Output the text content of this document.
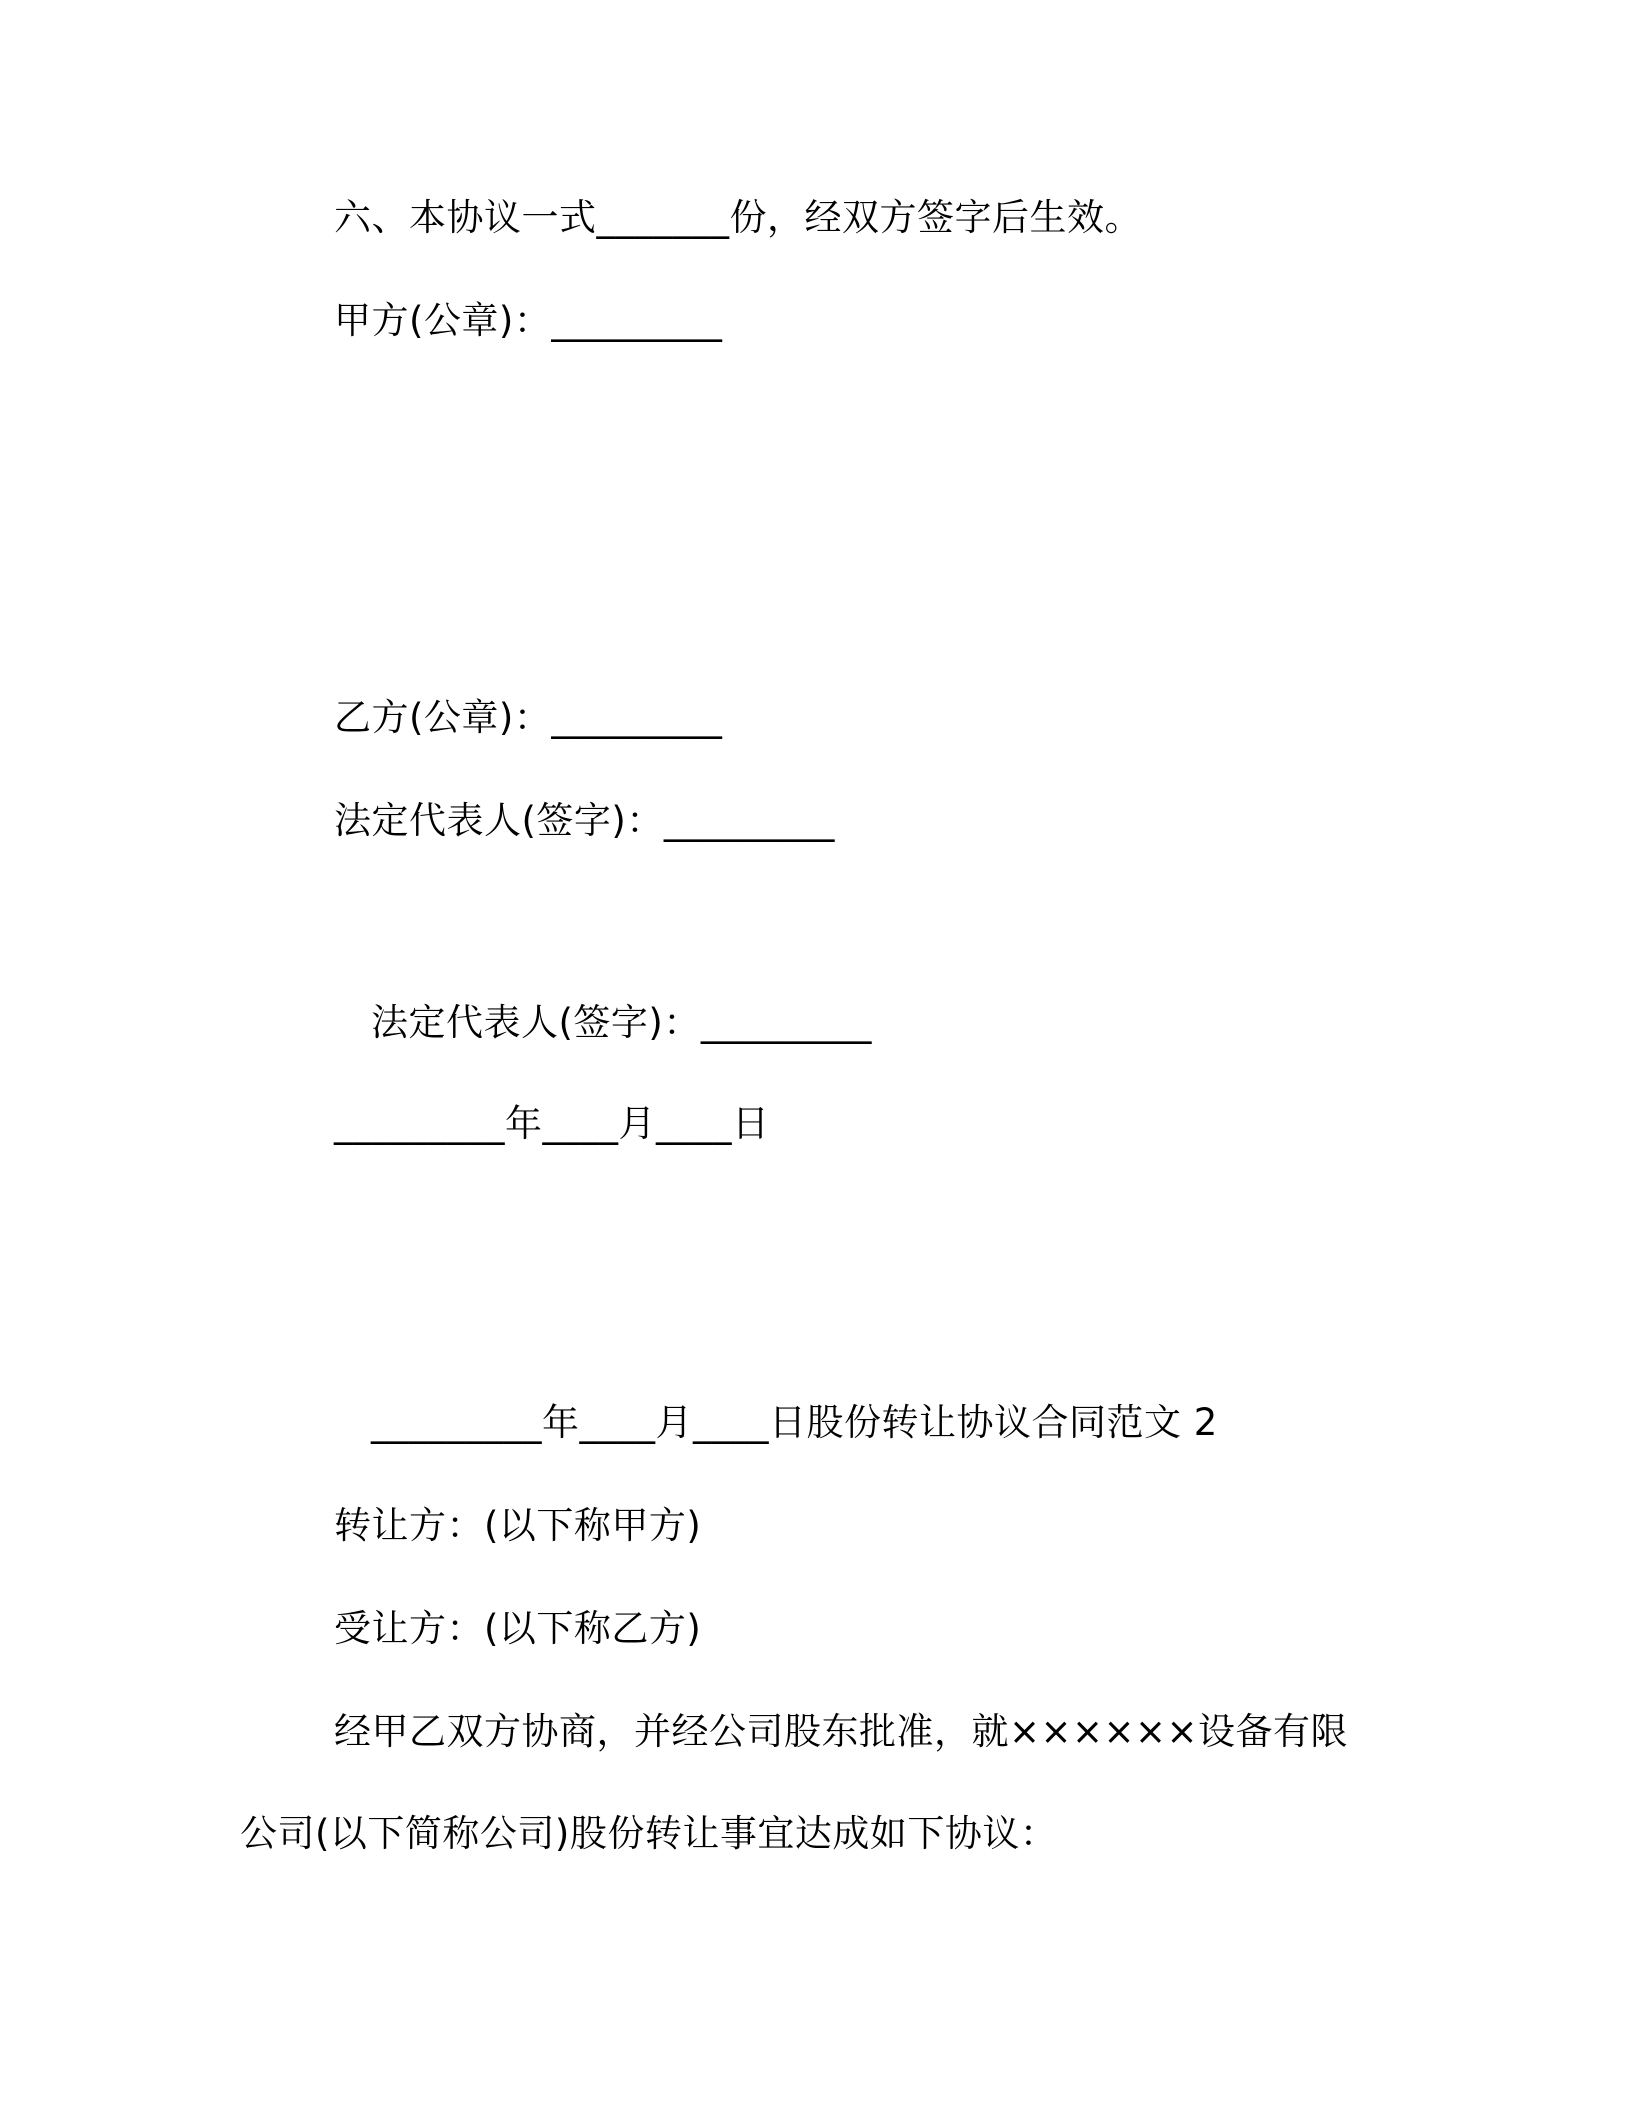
六、本协议一式_______份，经双方签字后生效。
甲方(公章)：_________
乙方(公章)：_________
法定代表人(签字)：_________
法定代表人(签字)：_________
_________年____月____日
_________年____月____日股份转让协议合同范文 2
转让方：(以下称甲方)
受让方：(以下称乙方)
经甲乙双方协商，并经公司股东批准，就××××××设备有限
公司(以下简称公司)股份转让事宜达成如下协议：
